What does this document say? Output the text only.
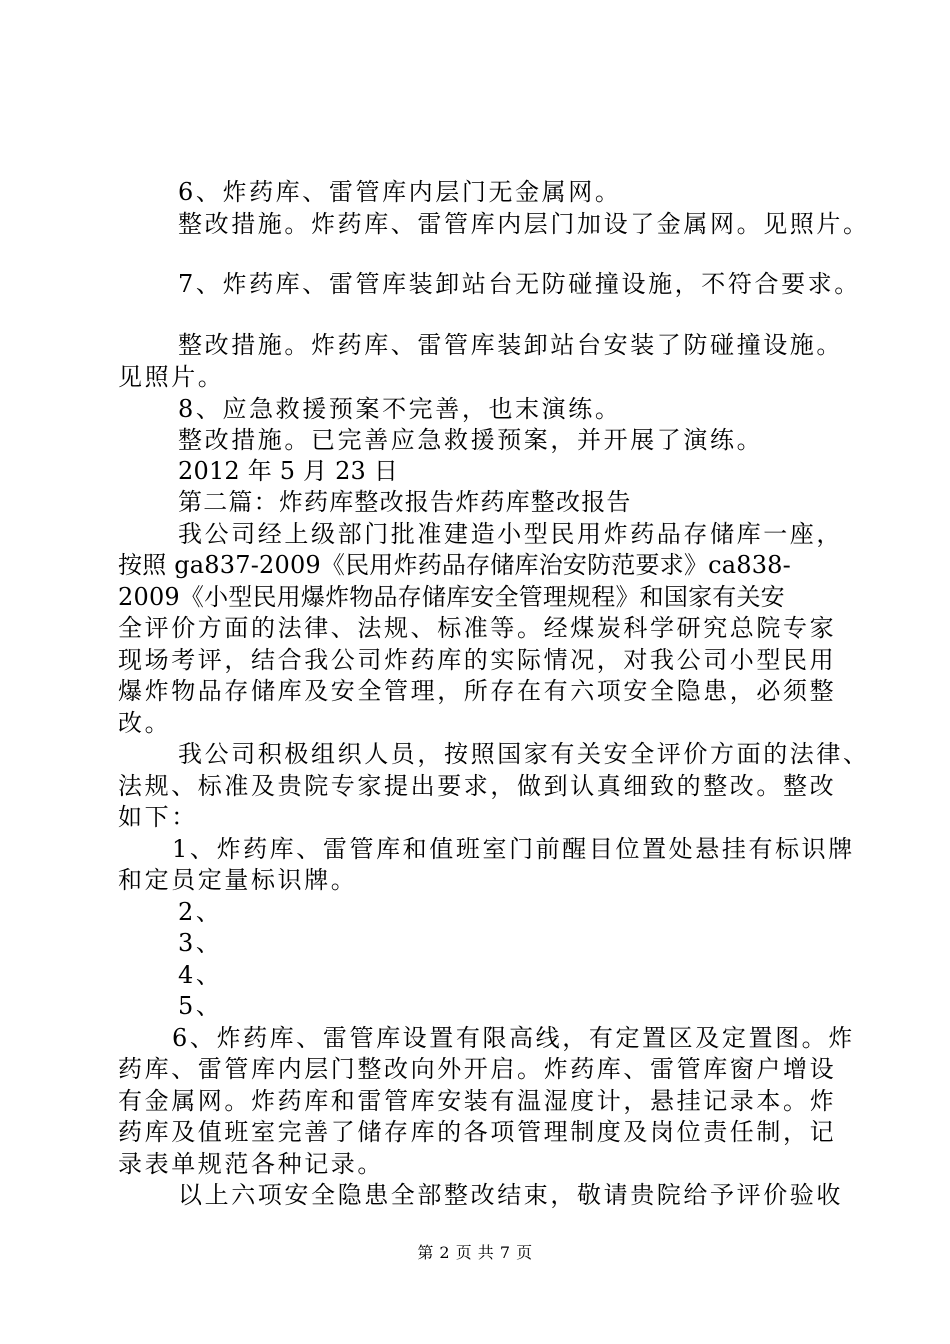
6、炸药库、雷管库内层门无金属网。
整改措施。炸药库、雷管库内层门加设了金属网。见照片。
7、炸药库、雷管库装卸站台无防碰撞设施，不符合要求。
整改措施。炸药库、雷管库装卸站台安装了防碰撞设施。
见照片。
8、应急救援预案不完善，也末演练。
整改措施。已完善应急救援预案，并开展了演练。
2012 年 5 月 23 日
第二篇：炸药库整改报告炸药库整改报告
我公司经上级部门批准建造小型民用炸药品存储库一座，
按照 ga837-2009《民用炸药品存储库治安防范要求》ca838-
2009《小型民用爆炸物品存储库安全管理规程》和国家有关安
全评价方面的法律、法规、标准等。经煤炭科学研究总院专家
现场考评，结合我公司炸药库的实际情况，对我公司小型民用
爆炸物品存储库及安全管理，所存在有六项安全隐患，必须整
改。
我公司积极组织人员，按照国家有关安全评价方面的法律、
法规、标准及贵院专家提出要求，做到认真细致的整改。整改
如下：
1、炸药库、雷管库和值班室门前醒目位置处悬挂有标识牌
和定员定量标识牌。
2、
3、
4、
5、
6、炸药库、雷管库设置有限高线，有定置区及定置图。炸
药库、雷管库内层门整改向外开启。炸药库、雷管库窗户增设
有金属网。炸药库和雷管库安装有温湿度计，悬挂记录本。炸
药库及值班室完善了储存库的各项管理制度及岗位责任制，记
录表单规范各种记录。
以上六项安全隐患全部整改结束，敬请贵院给予评价验收
第 2 页 共 7 页
